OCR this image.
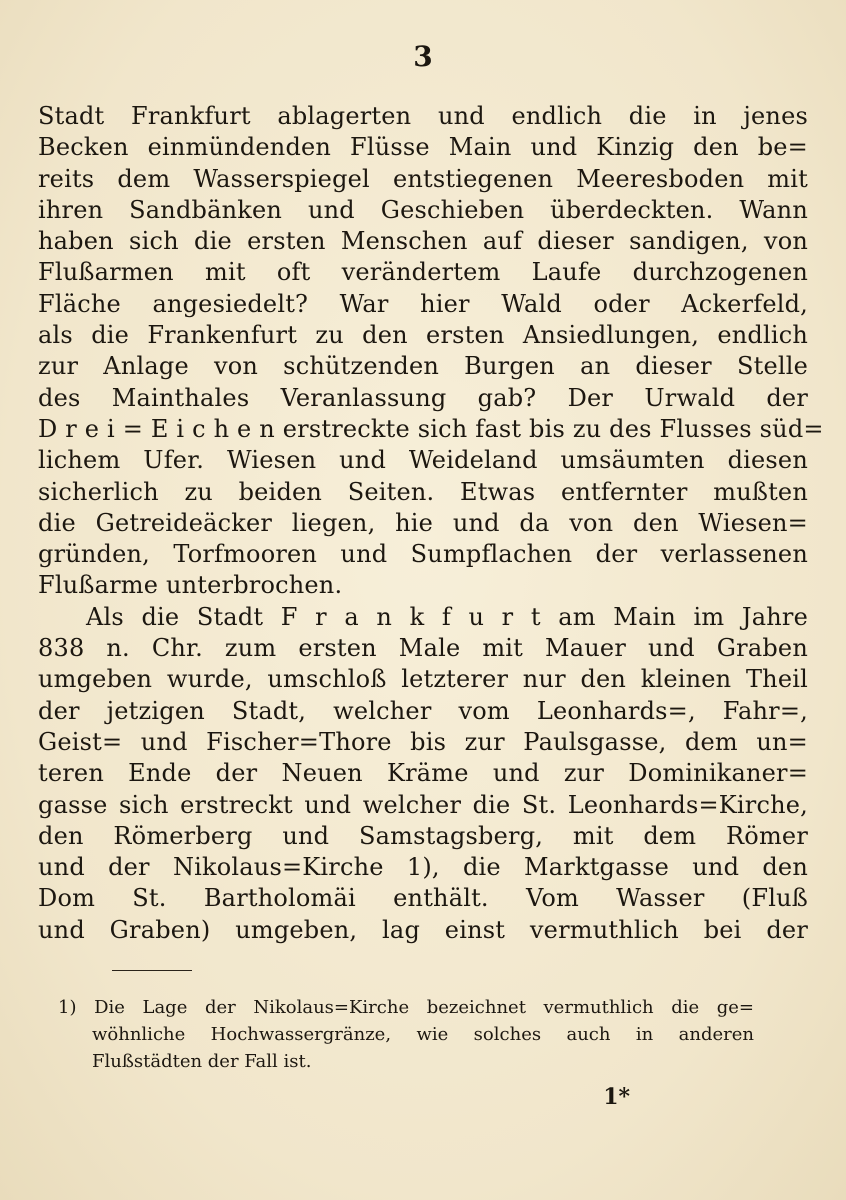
3
Stadt Frankfurt ablagerten und endlich die in jenes
Becken einmündenden Flüsse Main und Kinzig den be=
reits dem Wasserspiegel entstiegenen Meeresboden mit
ihren Sandbänken und Geschieben überdeckten. Wann
haben sich die ersten Menschen auf dieser sandigen, von
Flußarmen mit oft verändertem Laufe durchzogenen
Fläche angesiedelt? War hier Wald oder Ackerfeld,
als die Frankenfurt zu den ersten Ansiedlungen, endlich
zur Anlage von schützenden Burgen an dieser Stelle
des Mainthales Veranlassung gab? Der Urwald der
D r e i = E i c h e n erstreckte sich fast bis zu des Flusses süd=
lichem Ufer. Wiesen und Weideland umsäumten diesen
sicherlich zu beiden Seiten. Etwas entfernter mußten
die Getreideäcker liegen, hie und da von den Wiesen=
gründen, Torfmooren und Sumpflachen der verlassenen
Flußarme unterbrochen.
Als die Stadt F r a n k f u r t am Main im Jahre
838 n. Chr. zum ersten Male mit Mauer und Graben
umgeben wurde, umschloß letzterer nur den kleinen Theil
der jetzigen Stadt, welcher vom Leonhards=, Fahr=,
Geist= und Fischer=Thore bis zur Paulsgasse, dem un=
teren Ende der Neuen Kräme und zur Dominikaner=
gasse sich erstreckt und welcher die St. Leonhards=Kirche,
den Römerberg und Samstagsberg, mit dem Römer
und der Nikolaus=Kirche 1), die Marktgasse und den
Dom St. Bartholomäi enthält. Vom Wasser (Fluß
und Graben) umgeben, lag einst vermuthlich bei der
1) Die Lage der Nikolaus=Kirche bezeichnet vermuthlich die ge=
wöhnliche Hochwassergränze, wie solches auch in anderen
Flußstädten der Fall ist.
1*
